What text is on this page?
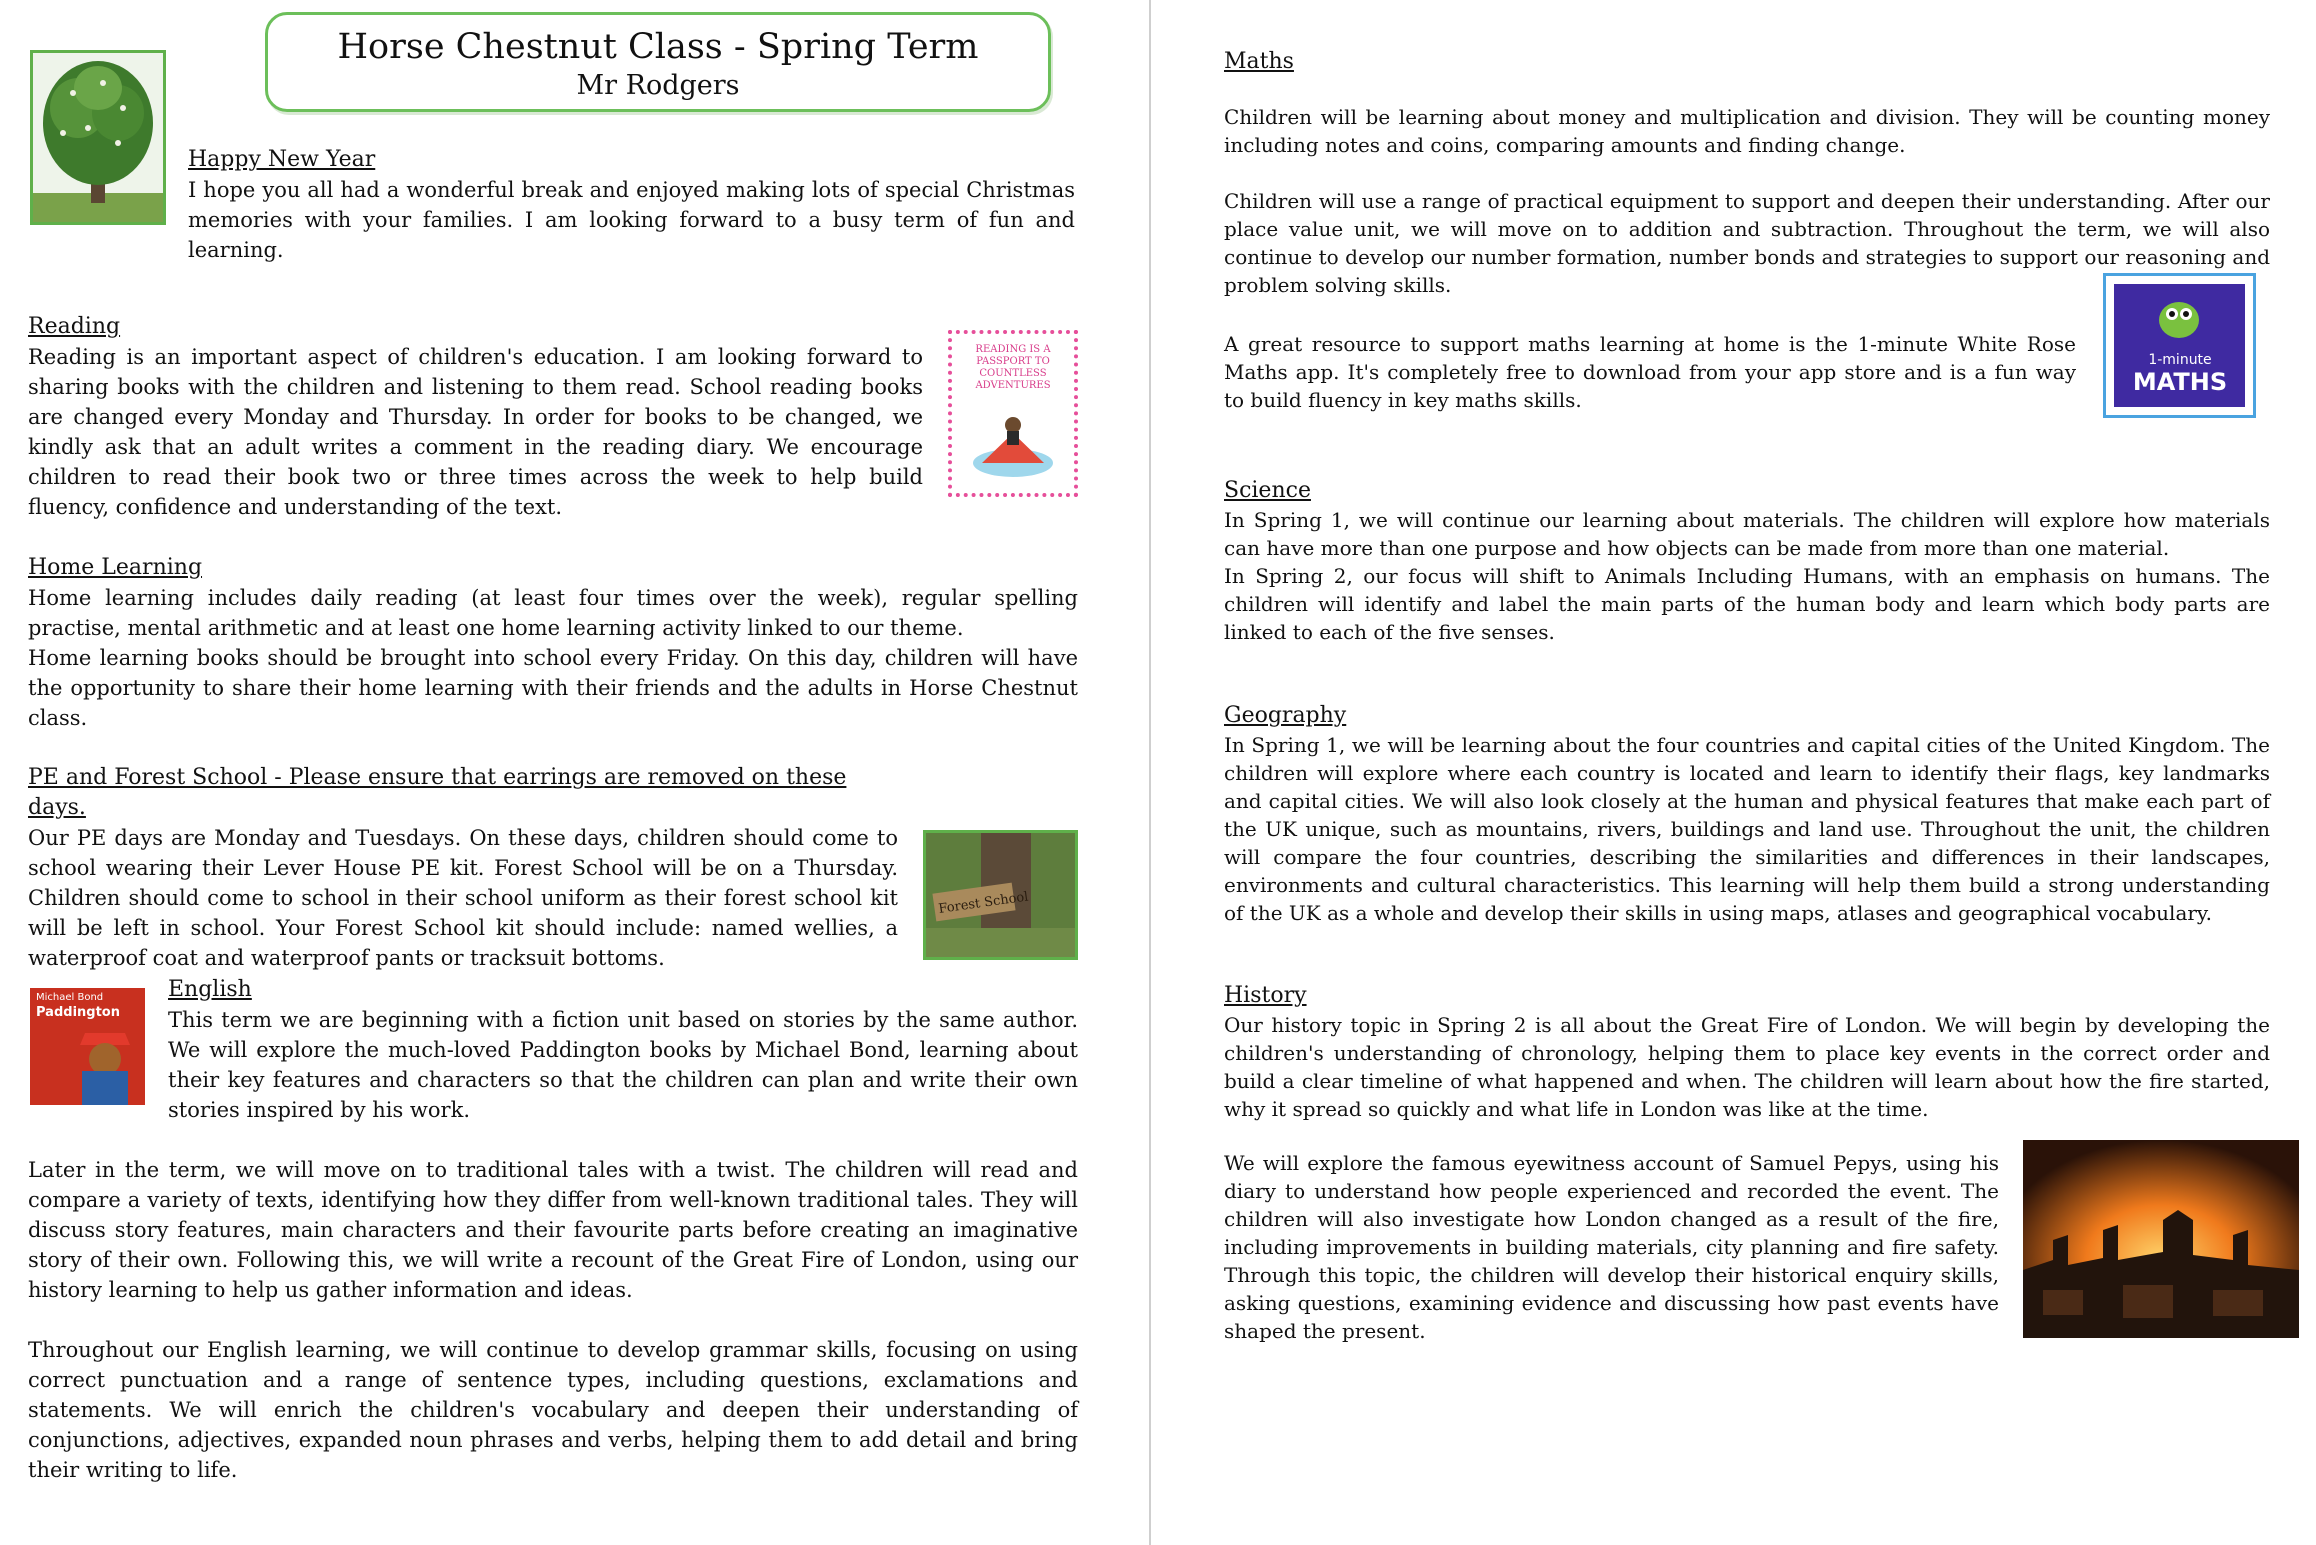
Horse Chestnut Class - Spring Term
Mr Rodgers
Happy New Year

I hope you all had a wonderful break and enjoyed making lots of special Christmas memories with your families. I am looking forward to a busy term of fun and learning.

Reading

Reading is an important aspect of children's education. I am looking forward to sharing books with the children and listening to them read. School reading books are changed every Monday and Thursday. In order for books to be changed, we kindly ask that an adult writes a comment in the reading diary. We encourage children to read their book two or three times across the week to help build fluency, confidence and understanding of the text.

READING IS A PASSPORT TO COUNTLESS ADVENTURES
Home Learning

Home learning includes daily reading (at least four times over the week), regular spelling practise, mental arithmetic and at least one home learning activity linked to our theme.

Home learning books should be brought into school every Friday. On this day, children will have the opportunity to share their home learning with their friends and the adults in Horse Chestnut class.

PE and Forest School - Please ensure that earrings are removed on these days.

Our PE days are Monday and Tuesdays. On these days, children should come to school wearing their Lever House PE kit. Forest School will be on a Thursday. Children should come to school in their school uniform as their forest school kit will be left in school. Your Forest School kit should include: named wellies, a waterproof coat and waterproof pants or tracksuit bottoms.

Forest School
Michael Bond
Paddington
English

This term we are beginning with a fiction unit based on stories by the same author. We will explore the much-loved Paddington books by Michael Bond, learning about their key features and characters so that the children can plan and write their own stories inspired by his work.

Later in the term, we will move on to traditional tales with a twist. The children will read and compare a variety of texts, identifying how they differ from well-known traditional tales. They will discuss story features, main characters and their favourite parts before creating an imaginative story of their own. Following this, we will write a recount of the Great Fire of London, using our history learning to help us gather information and ideas.

Throughout our English learning, we will continue to develop grammar skills, focusing on using correct punctuation and a range of sentence types, including questions, exclamations and statements. We will enrich the children's vocabulary and deepen their understanding of conjunctions, adjectives, expanded noun phrases and verbs, helping them to add detail and bring their writing to life.

Maths

Children will be learning about money and multiplication and division. They will be counting money including notes and coins, comparing amounts and finding change.

Children will use a range of practical equipment to support and deepen their understanding. After our place value unit, we will move on to addition and subtraction. Throughout the term, we will also continue to develop our number formation, number bonds and strategies to support our reasoning and problem solving skills.

A great resource to support maths learning at home is the 1-minute White Rose Maths app. It's completely free to download from your app store and is a fun way to build fluency in key maths skills.

1-minute
MATHS
Science

In Spring 1, we will continue our learning about materials. The children will explore how materials can have more than one purpose and how objects can be made from more than one material.

In Spring 2, our focus will shift to Animals Including Humans, with an emphasis on humans. The children will identify and label the main parts of the human body and learn which body parts are linked to each of the five senses.

Geography

In Spring 1, we will be learning about the four countries and capital cities of the United Kingdom. The children will explore where each country is located and learn to identify their flags, key landmarks and capital cities. We will also look closely at the human and physical features that make each part of the UK unique, such as mountains, rivers, buildings and land use. Throughout the unit, the children will compare the four countries, describing the similarities and differences in their landscapes, environments and cultural characteristics. This learning will help them build a strong understanding of the UK as a whole and develop their skills in using maps, atlases and geographical vocabulary.

History

Our history topic in Spring 2 is all about the Great Fire of London. We will begin by developing the children's understanding of chronology, helping them to place key events in the correct order and build a clear timeline of what happened and when. The children will learn about how the fire started, why it spread so quickly and what life in London was like at the time.

We will explore the famous eyewitness account of Samuel Pepys, using his diary to understand how people experienced and recorded the event. The children will also investigate how London changed as a result of the fire, including improvements in building materials, city planning and fire safety. Through this topic, the children will develop their historical enquiry skills, asking questions, examining evidence and discussing how past events have shaped the present.
